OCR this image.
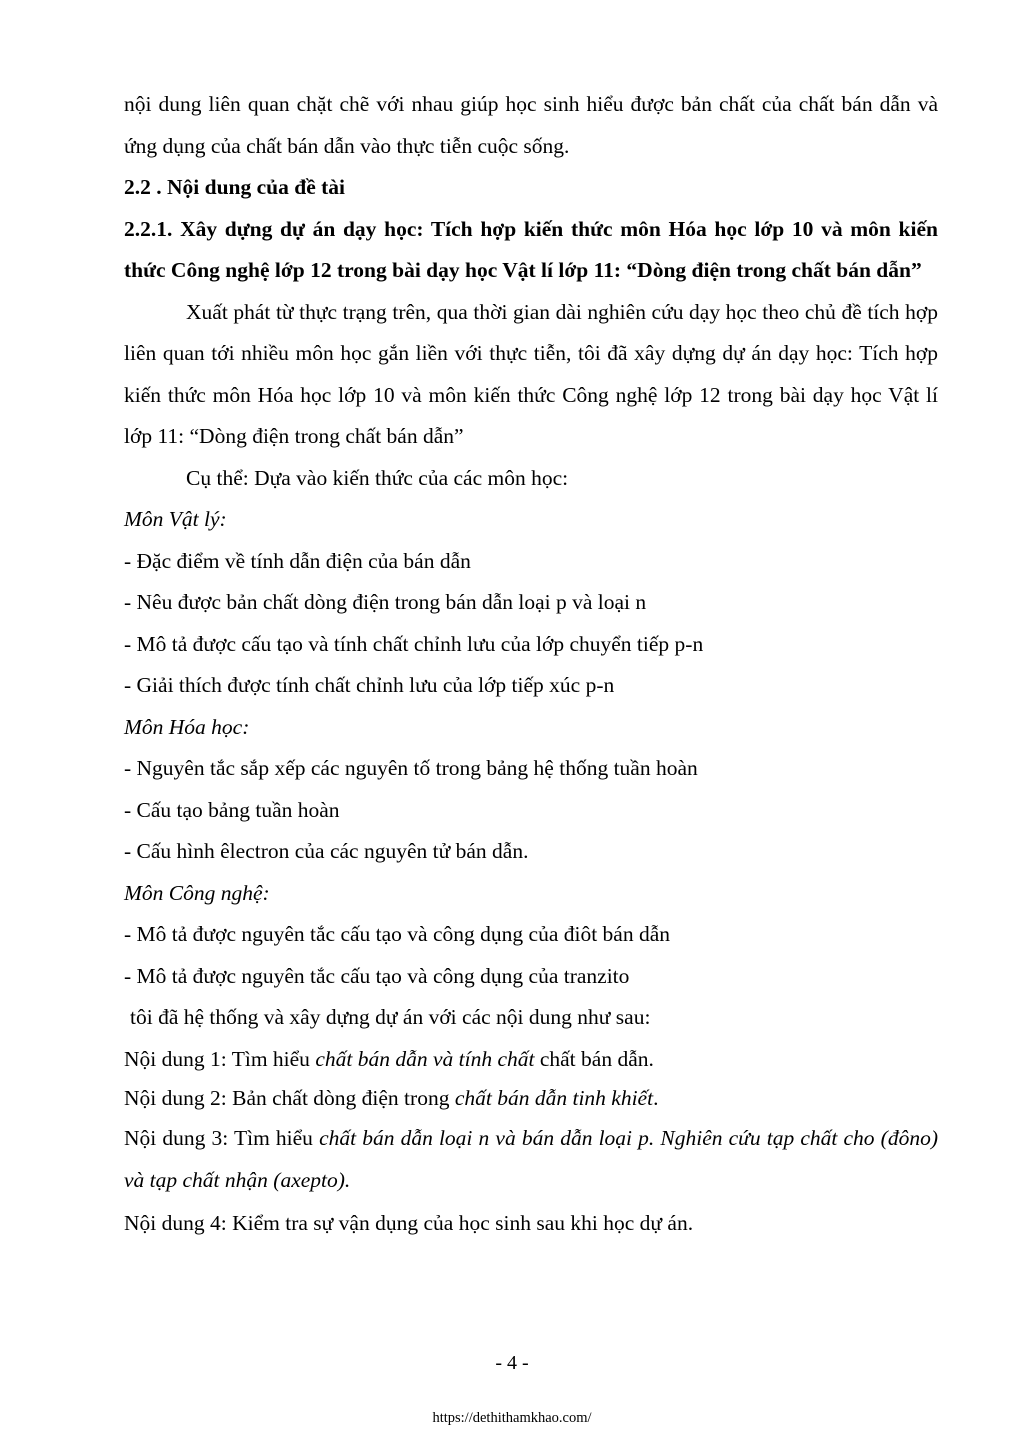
nội dung liên quan chặt chẽ với nhau giúp học sinh hiểu được bản chất của chất bán dẫn và ứng dụng của chất bán dẫn vào thực tiễn cuộc sống.

2.2 . Nội dung của đề tài

2.2.1. Xây dựng dự án dạy học: Tích hợp kiến thức môn Hóa học lớp 10 và môn kiến thức Công nghệ lớp 12 trong bài dạy học Vật lí lớp 11: “Dòng điện trong chất bán dẫn”

Xuất phát từ thực trạng trên, qua thời gian dài nghiên cứu dạy học theo chủ đề tích hợp liên quan tới nhiều môn học gắn liền với thực tiễn, tôi đã xây dựng dự án dạy học: Tích hợp kiến thức môn Hóa học lớp 10 và môn kiến thức Công nghệ lớp 12 trong bài dạy học Vật lí lớp 11: “Dòng điện trong chất bán dẫn”

Cụ thể: Dựa vào kiến thức của các môn học:

Môn Vật lý:

- Đặc điểm về tính dẫn điện của bán dẫn

- Nêu được bản chất dòng điện trong bán dẫn loại p và loại n

- Mô tả được cấu tạo và tính chất chỉnh lưu của lớp chuyển tiếp p-n

- Giải thích được tính chất chỉnh lưu của lớp tiếp xúc p-n

Môn Hóa học:

- Nguyên tắc sắp xếp các nguyên tố trong bảng hệ thống tuần hoàn

- Cấu tạo bảng tuần hoàn

- Cấu hình êlectron của các nguyên tử bán dẫn.

Môn Công nghệ:

- Mô tả được nguyên tắc cấu tạo và công dụng của điôt bán dẫn

- Mô tả được nguyên tắc cấu tạo và công dụng của tranzito

tôi đã hệ thống và xây dựng dự án với các nội dung như sau:

Nội dung 1: Tìm hiểu chất bán dẫn và tính chất chất bán dẫn.

Nội dung 2: Bản chất dòng điện trong chất bán dẫn tinh khiết.

Nội dung 3: Tìm hiểu chất bán dẫn loại n và bán dẫn loại p. Nghiên cứu tạp chất cho (đôno) và tạp chất nhận (axepto).

Nội dung 4: Kiểm tra sự vận dụng của học sinh sau khi học dự án.

- 4 -
https://dethithamkhao.com/
